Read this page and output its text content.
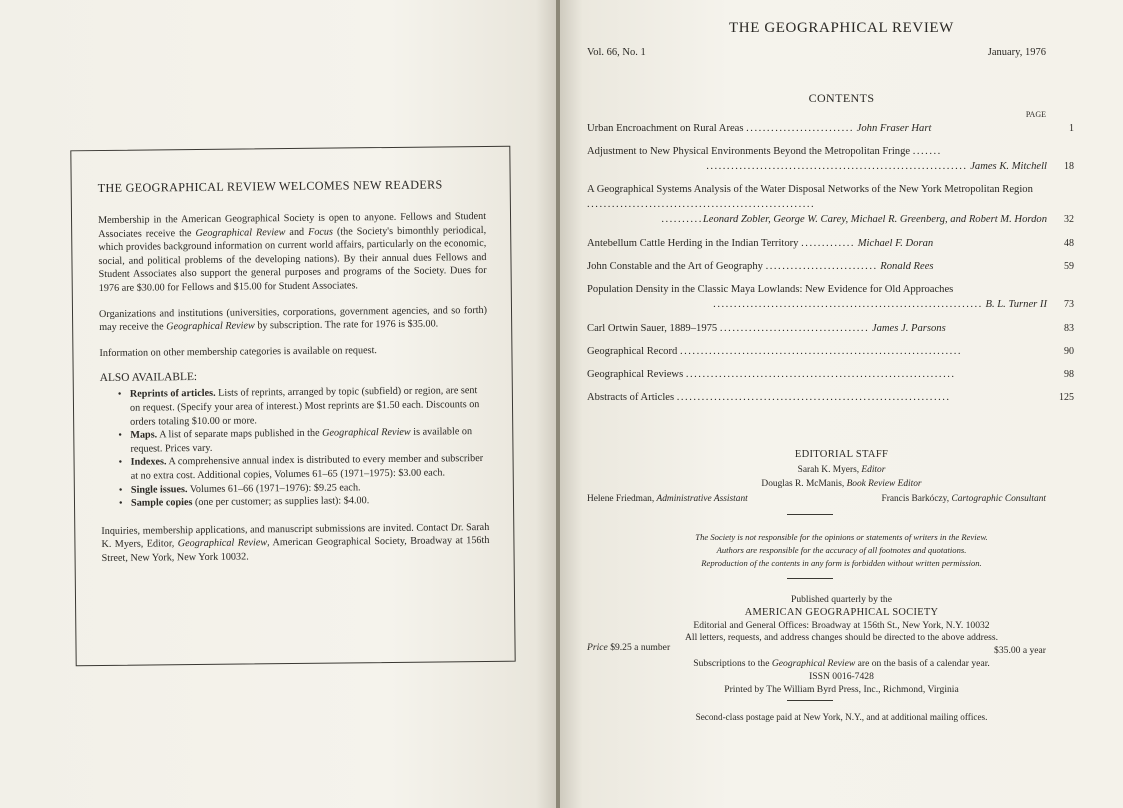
THE GEOGRAPHICAL REVIEW WELCOMES NEW READERS

Membership in the American Geographical Society is open to anyone. Fellows and Student Associates receive the Geographical Review and Focus (the Society's bimonthly periodical, which provides background information on current world affairs, particularly on the economic, social, and political problems of the developing nations). By their annual dues Fellows and Student Associates also support the general purposes and programs of the Society. Dues for 1976 are $30.00 for Fellows and $15.00 for Student Associates.

Organizations and institutions (universities, corporations, government agencies, and so forth) may receive the Geographical Review by subscription. The rate for 1976 is $35.00.

Information on other membership categories is available on request.

ALSO AVAILABLE:
• Reprints of articles. Lists of reprints, arranged by topic (subfield) or region, are sent on request. (Specify your area of interest.) Most reprints are $1.50 each. Discounts on orders totaling $10.00 or more.
• Maps. A list of separate maps published in the Geographical Review is available on request. Prices vary.
• Indexes. A comprehensive annual index is distributed to every member and subscriber at no extra cost. Additional copies, Volumes 61–65 (1971–1975): $3.00 each.
• Single issues. Volumes 61–66 (1971–1976): $9.25 each.
• Sample copies (one per customer; as supplies last): $4.00.

Inquiries, membership applications, and manuscript submissions are invited. Contact Dr. Sarah K. Myers, Editor, Geographical Review, American Geographical Society, Broadway at 156th Street, New York, New York 10032.

THE GEOGRAPHICAL REVIEW
Vol. 66, No. 1	January, 1976
CONTENTS
PAGE
Urban Encroachment on Rural Areas .......................... John Fraser Hart	1
Adjustment to New Physical Environments Beyond the Metropolitan Fringe .......
............................................................... James K. Mitchell 18
A Geographical Systems Analysis of the Water Disposal Networks of the New York Metropolitan Region .......................................................
..........Leonard Zobler, George W. Carey, Michael R. Greenberg, and Robert M. Hordon 32
Antebellum Cattle Herding in the Indian Territory ............. Michael F. Doran	48
John Constable and the Art of Geography ........................... Ronald Rees	59
Population Density in the Classic Maya Lowlands: New Evidence for Old Approaches
................................................................. B. L. Turner II 73
Carl Ortwin Sauer, 1889–1975 .................................... James J. Parsons	83
Geographical Record ....................................................................	90
Geographical Reviews .................................................................	98
Abstracts of Articles ..................................................................	125
EDITORIAL STAFF
Sarah K. Myers, Editor
Douglas R. McManis, Book Review Editor
Helene Friedman, Administrative Assistant	Francis Barkóczy, Cartographic Consultant
The Society is not responsible for the opinions or statements of writers in the Review.
Authors are responsible for the accuracy of all footnotes and quotations.
Reproduction of the contents in any form is forbidden without written permission.
Published quarterly by the
AMERICAN GEOGRAPHICAL SOCIETY
Editorial and General Offices: Broadway at 156th St., New York, N.Y. 10032
All letters, requests, and address changes should be directed to the above address.

Subscriptions to the Geographical Review are on the basis of a calendar year.
ISSN 0016-7428
Printed by The William Byrd Press, Inc., Richmond, Virginia
Price $9.25 a number	$35.00 a year
Second-class postage paid at New York, N.Y., and at additional mailing offices.
